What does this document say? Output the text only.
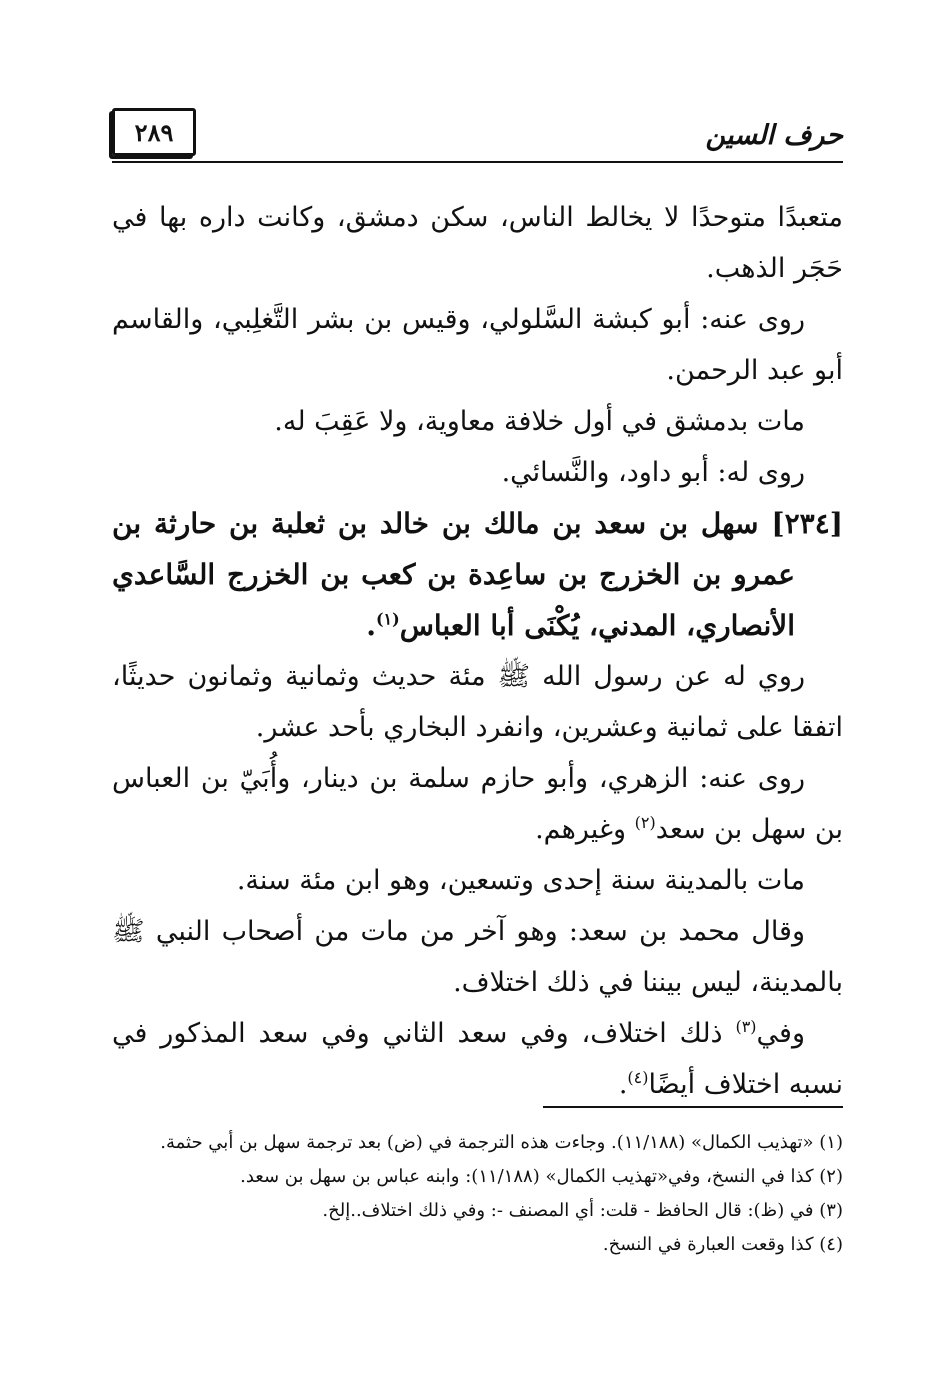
حرف السين
٢٨٩

متعبدًا متوحدًا لا يخالط الناس، سكن دمشق، وكانت داره بها في حَجَر الذهب.

روى عنه: أبو كبشة السَّلولي، وقيس بن بشر التَّغلِبي، والقاسم أبو عبد الرحمن.

مات بدمشق في أول خلافة معاوية، ولا عَقِبَ له.

روى له: أبو داود، والنَّسائي.

[٢٣٤] سهل بن سعد بن مالك بن خالد بن ثعلبة بن حارثة بن عمرو بن الخزرج بن ساعِدة بن كعب بن الخزرج السَّاعدي الأنصاري، المدني، يُكْنَى أبا العباس$^{(١)}$.

روي له عن رسول الله ﷺ مئة حديث وثمانية وثمانون حديثًا، اتفقا على ثمانية وعشرين، وانفرد البخاري بأحد عشر.

روى عنه: الزهري، وأبو حازم سلمة بن دينار، وأُبَيّ بن العباس بن سهل بن سعد$^{(٢)}$ وغيرهم.

مات بالمدينة سنة إحدى وتسعين، وهو ابن مئة سنة.

وقال محمد بن سعد: وهو آخر من مات من أصحاب النبي ﷺ بالمدينة، ليس بيننا في ذلك اختلاف.

وفي$^{(٣)}$ ذلك اختلاف، وفي سعد الثاني وفي سعد المذكور في نسبه اختلاف أيضًا$^{(٤)}$.

(١) «تهذيب الكمال» (١١/١٨٨). وجاءت هذه الترجمة في (ض) بعد ترجمة سهل بن أبي حثمة.

(٢) كذا في النسخ، وفي«تهذيب الكمال» (١١/١٨٨): وابنه عباس بن سهل بن سعد.

(٣) في (ظ): قال الحافظ - قلت: أي المصنف -: وفي ذلك اختلاف..إلخ.

(٤) كذا وقعت العبارة في النسخ.
